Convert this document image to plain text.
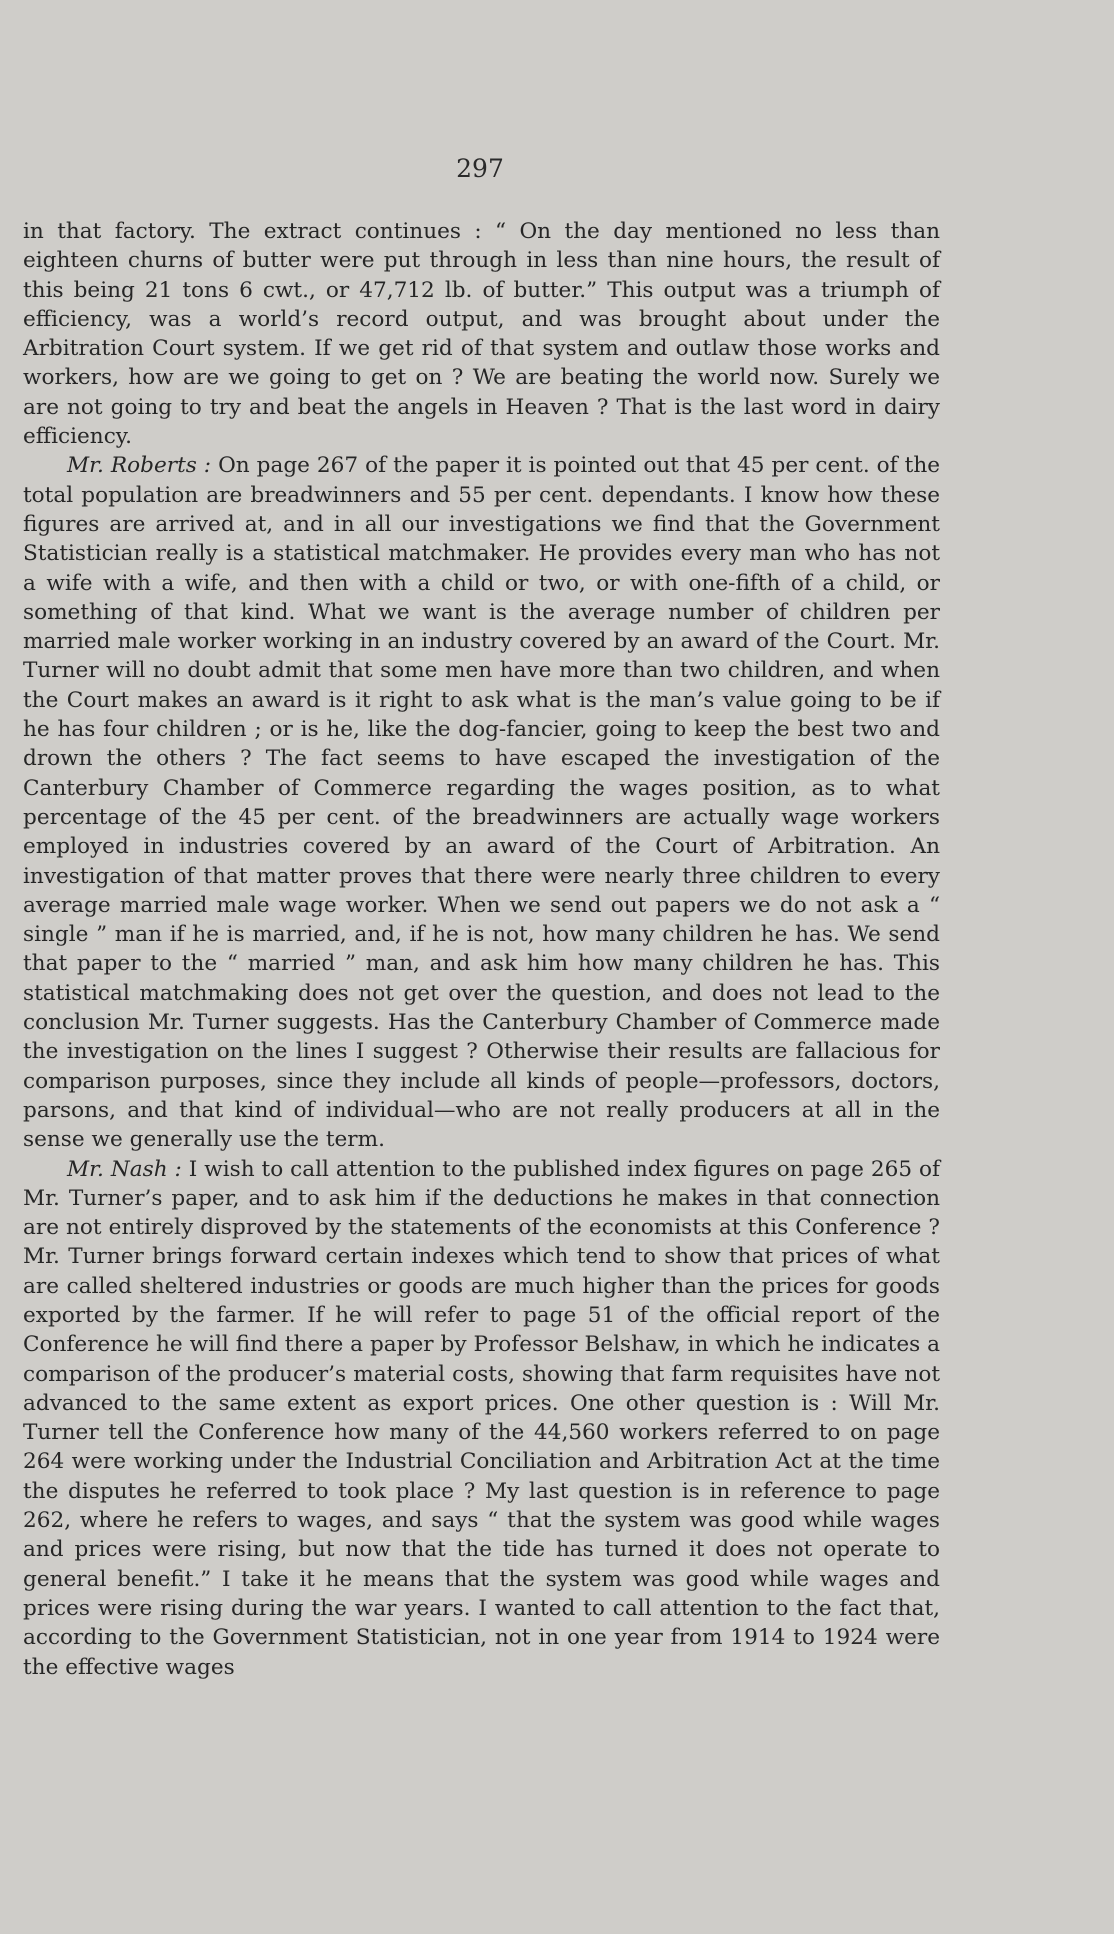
297

in that factory. The extract continues : “ On the day mentioned no less than eighteen churns of butter were put through in less than nine hours, the result of this being 21 tons 6 cwt., or 47,712 lb. of butter.” This output was a triumph of efficiency, was a world’s record output, and was brought about under the Arbitration Court system. If we get rid of that system and outlaw those works and workers, how are we going to get on ? We are beating the world now. Surely we are not going to try and beat the angels in Heaven ? That is the last word in dairy efficiency.

Mr. Roberts : On page 267 of the paper it is pointed out that 45 per cent. of the total population are breadwinners and 55 per cent. dependants. I know how these figures are arrived at, and in all our investigations we find that the Government Statistician really is a statistical matchmaker. He provides every man who has not a wife with a wife, and then with a child or two, or with one-fifth of a child, or something of that kind. What we want is the average number of children per married male worker working in an industry covered by an award of the Court. Mr. Turner will no doubt admit that some men have more than two children, and when the Court makes an award is it right to ask what is the man’s value going to be if he has four children ; or is he, like the dog-fancier, going to keep the best two and drown the others ? The fact seems to have escaped the investigation of the Canterbury Chamber of Commerce regarding the wages position, as to what percentage of the 45 per cent. of the breadwinners are actually wage workers employed in industries covered by an award of the Court of Arbitration. An investigation of that matter proves that there were nearly three children to every average married male wage worker. When we send out papers we do not ask a “ single ” man if he is married, and, if he is not, how many children he has. We send that paper to the “ married ” man, and ask him how many children he has. This statistical matchmaking does not get over the question, and does not lead to the conclusion Mr. Turner suggests. Has the Canterbury Chamber of Commerce made the investigation on the lines I suggest ? Otherwise their results are fallacious for comparison purposes, since they include all kinds of people—professors, doctors, parsons, and that kind of individual—who are not really producers at all in the sense we generally use the term.

Mr. Nash : I wish to call attention to the published index figures on page 265 of Mr. Turner’s paper, and to ask him if the deductions he makes in that connection are not entirely disproved by the statements of the economists at this Conference ? Mr. Turner brings forward certain indexes which tend to show that prices of what are called sheltered industries or goods are much higher than the prices for goods exported by the farmer. If he will refer to page 51 of the official report of the Conference he will find there a paper by Professor Belshaw, in which he indicates a comparison of the producer’s material costs, showing that farm requisites have not advanced to the same extent as export prices. One other question is : Will Mr. Turner tell the Conference how many of the 44,560 workers referred to on page 264 were working under the Industrial Conciliation and Arbitration Act at the time the disputes he referred to took place ? My last question is in reference to page 262, where he refers to wages, and says “ that the system was good while wages and prices were rising, but now that the tide has turned it does not operate to general benefit.” I take it he means that the system was good while wages and prices were rising during the war years. I wanted to call attention to the fact that, according to the Government Statistician, not in one year from 1914 to 1924 were the effective wages
